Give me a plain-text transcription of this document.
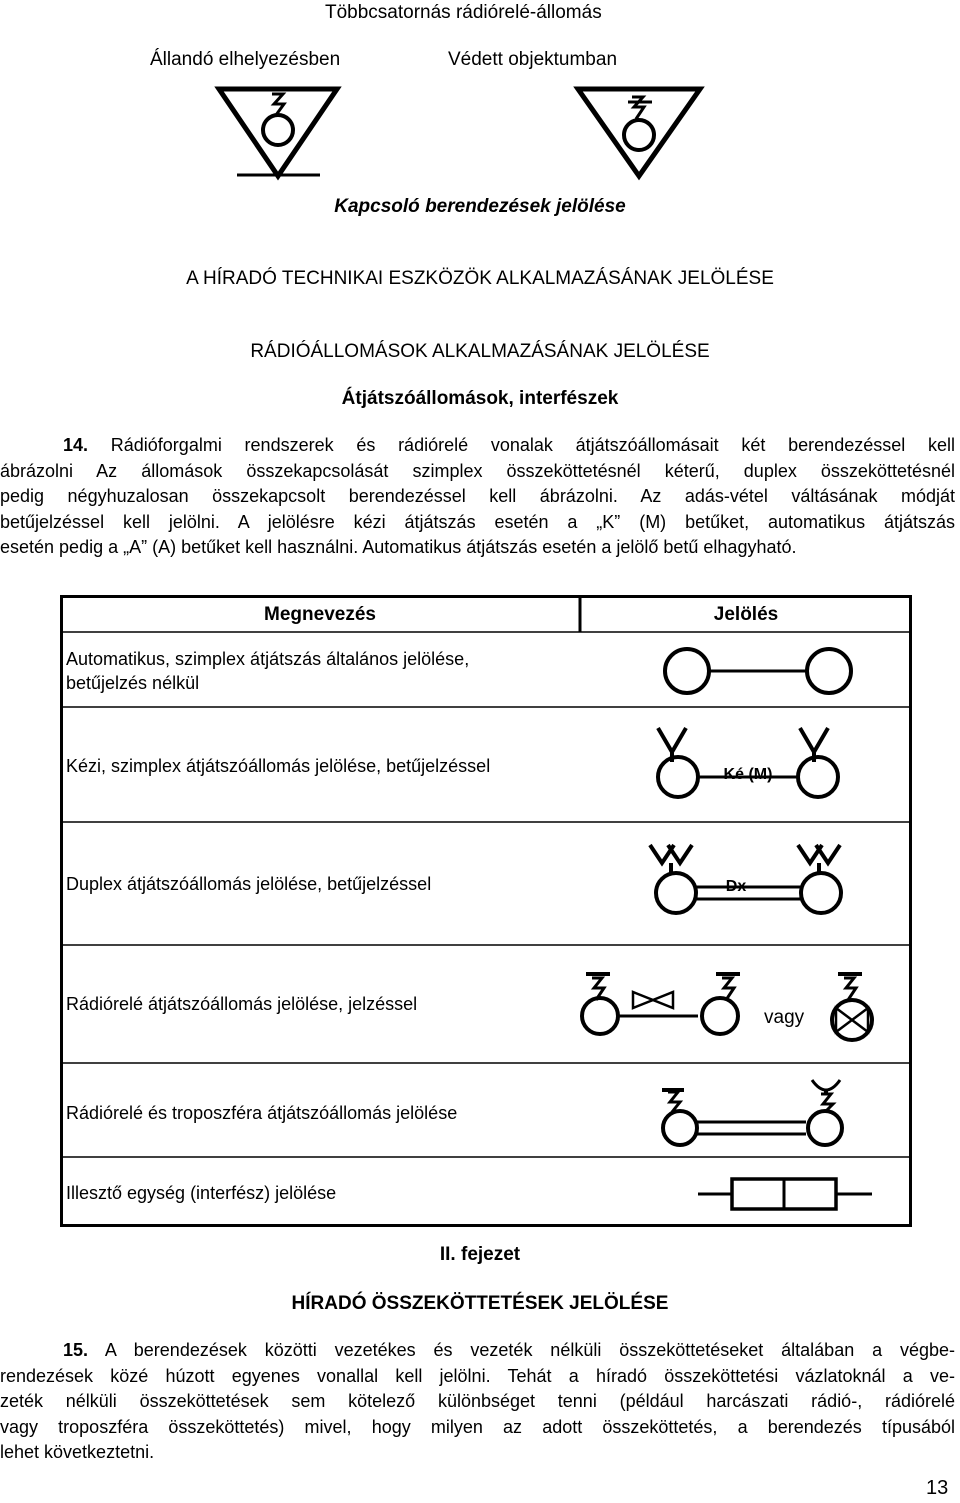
Többcsatornás rádiórelé-állomás
Állandó elhelyezésben	Védett objektumban
Kapcsoló berendezések jelölése
A HÍRADÓ TECHNIKAI ESZKÖZÖK ALKALMAZÁSÁNAK JELÖLÉSE
RÁDIÓÁLLOMÁSOK ALKALMAZÁSÁNAK JELÖLÉSE
Átjátszóállomások, interfészek
14. Rádióforgalmi rendszerek és rádiórelé vonalak átjátszóállomásait két berendezéssel kell
ábrázolni Az állomások összekapcsolását szimplex összeköttetésnél kéterű, duplex összeköttetésnél
pedig négyhuzalosan összekapcsolt berendezéssel kell ábrázolni. Az adás-vétel váltásának módját
betűjelzéssel kell jelölni. A jelölésre kézi átjátszás esetén a „K” (M) betűket, automatikus átjátszás
esetén pedig a „A” (A) betűket kell használni. Automatikus átjátszás esetén a jelölő betű elhagyható.
Megnevezés	Jelölés
Automatikus, szimplex átjátszás általános jelölése,
betűjelzés nélkül
Kézi, szimplex átjátszóállomás jelölése, betűjelzéssel	Ké (M)
Duplex átjátszóállomás jelölése, betűjelzéssel	Dx
Rádiórelé átjátszóállomás jelölése, jelzéssel
vagy
Rádiórelé és troposzféra átjátszóállomás jelölése
Illesztő egység (interfész) jelölése
II. fejezet
HÍRADÓ ÖSSZEKÖTTETÉSEK JELÖLÉSE
15. A berendezések közötti vezetékes és vezeték nélküli összeköttetéseket általában a végbe-
rendezések közé húzott egyenes vonallal kell jelölni. Tehát a híradó összeköttetési vázlatoknál a ve-
zeték nélküli összeköttetések sem kötelező különbséget tenni (például harcászati rádió-, rádiórelé
vagy troposzféra összeköttetés) mivel, hogy milyen az adott összeköttetés, a berendezés típusából
lehet következtetni.
13
